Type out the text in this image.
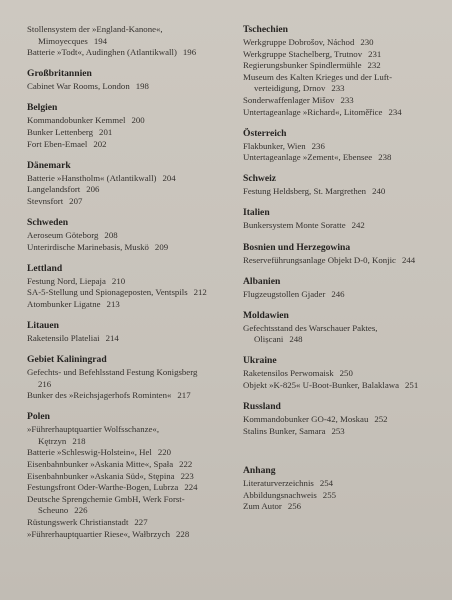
Stollensystem der »England-Kanone«,
Mimoyecques 194
Batterie »Todt«, Audinghen (Atlantikwall) 196
Großbritannien
Cabinet War Rooms, London 198
Belgien
Kommandobunker Kemmel 200
Bunker Lettenberg 201
Fort Eben-Emael 202
Dänemark
Batterie »Hanstholm« (Atlantikwall) 204
Langelandsfort 206
Stevnsfort 207
Schweden
Aeroseum Göteborg 208
Unterirdische Marinebasis, Muskö 209
Lettland
Festung Nord, Liepaja 210
SA-5-Stellung und Spionageposten, Ventspils 212
Atombunker Ligatne 213
Litauen
Raketensilo Plateliai 214
Gebiet Kaliningrad
Gefechts- und Befehlsstand Festung Konigsberg
216
Bunker des »Reichsjagerhofs Rominten« 217
Polen
»Führerhauptquartier Wolfsschanze«,
Kętrzyn 218
Batterie »Schleswig-Holstein«, Hel 220
Eisenbahnbunker »Askania Mitte«, Spała 222
Eisenbahnbunker »Askania Süd«, Stępina 223
Festungsfront Oder-Warthe-Bogen, Lubrza 224
Deutsche Sprengchemie GmbH, Werk Forst-
Scheuno 226
Rüstungswerk Christianstadt 227
»Führerhauptquartier Riese«, Wałbrzych 228
Tschechien
Werkgruppe Dobrošov, Náchod 230
Werkgruppe Stachelberg, Trutnov 231
Regierungsbunker Spindlermühle 232
Museum des Kalten Krieges und der Luft-
verteidigung, Drnov 233
Sonderwaffenlager Mišov 233
Untertageanlage »Richard«, Litoměřice 234
Österreich
Flakbunker, Wien 236
Untertageanlage »Zement«, Ebensee 238
Schweiz
Festung Heldsberg, St. Margrethen 240
Italien
Bunkersystem Monte Soratte 242
Bosnien und Herzegowina
Reserveführungsanlage Objekt D-0, Konjic 244
Albanien
Flugzeugstollen Gjader 246
Moldawien
Gefechtsstand des Warschauer Paktes,
Olișcani 248
Ukraine
Raketensilos Perwomaisk 250
Objekt »K-825« U-Boot-Bunker, Balaklawa 251
Russland
Kommandobunker GO-42, Moskau 252
Stalins Bunker, Samara 253
Anhang
Literaturverzeichnis 254
Abbildungsnachweis 255
Zum Autor 256
